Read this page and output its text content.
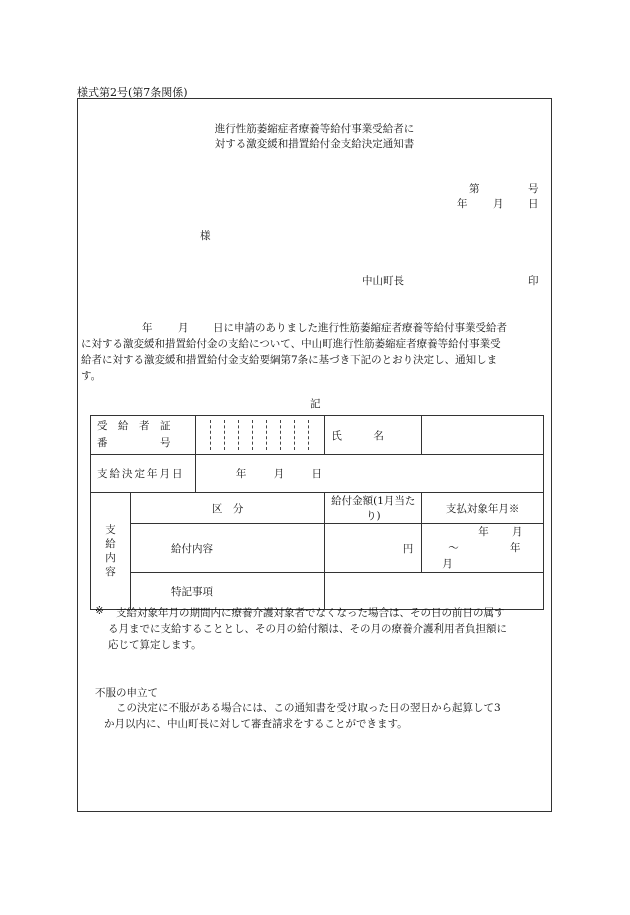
様式第2号(第7条関係)
進行性筋萎縮症者療養等給付事業受給者に
対する激変緩和措置給付金支給決定通知書
第	号
年 月 日
様
中山町長	印
年 月 日に申請のありました進行性筋萎縮症者療養等給付事業受給者
に対する激変緩和措置給付金の支給について、中山町進行性筋萎縮症者療養等給付事業受
給者に対する激変緩和措置給付金支給要綱第7条に基づき下記のとおり決定し、通知しま
す。
記
受　給　者　証
番　　　　　号			氏　　　名	
支給決定年月日		年 月 日		

支給内容	区　分		給付金額(1月当たり)	支払対象年月※
	給付内容		円	年 月
〜 年 月

	特記事項			
※ 支給対象年月の期間内に療養介護対象者でなくなった場合は、その日の前日の属す
る月までに支給することとし、その月の給付額は、その月の療養介護利用者負担額に
応じて算定します。
不服の申立て
この決定に不服がある場合には、この通知書を受け取った日の翌日から起算して3
か月以内に、中山町長に対して審査請求をすることができます。
